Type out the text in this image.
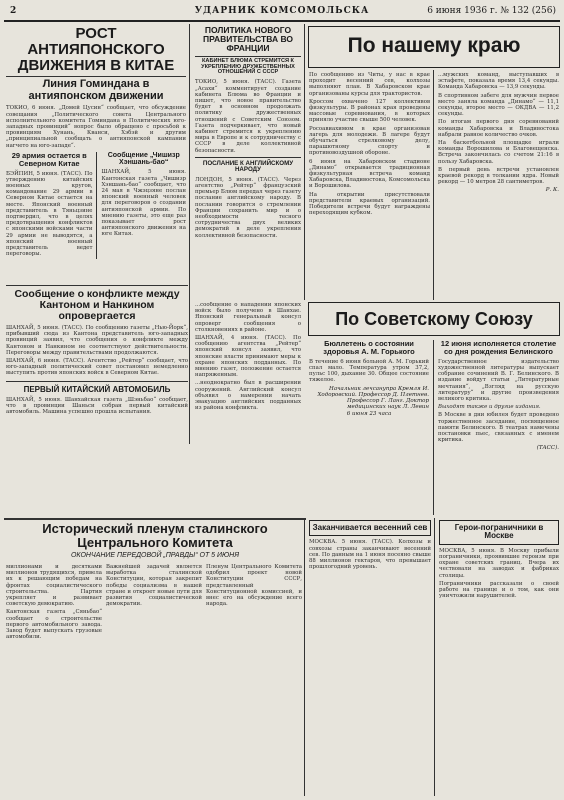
2	УДАРНИК КОМСОМОЛЬСКА	6 июня 1936 г. № 132 (256)
РОСТ АНТИЯПОНСКОГО ДВИЖЕНИЯ В КИТАЕ
Линия Гоминдана в антияпонском движении

ТОКИО, 6 июня. „Домей Цусин“ сообщает, что обсуждение совещания „Политического совета Центрального исполнительного комитета Гоминдана в Политических юго-западных провинций“ вопрос было обращено с просьбой к провинциям Хунань, Кванси, Хэбэй и другим „принципиальной сообщать о антияпонской кампании нагчето на юго-западе“.

29 армия остается в Северном Китае

БЭЙПИН, 5 июня. (ТАСС). По утверждению китайских военных кругов, командование 29 армии в Северном Китае остается на месте. Японский военный представитель в Тяньцзине подтвердил, что в целях предотвращения конфликтов с японскими войсками части 29 армии не выводятся, а японский военный представитель ведет переговоры.

Сообщение „Чишизр Хэншань-бао“

ШАНХАЙ, 5 июня. Кантонская газета „Чишизр Хэншань-бао“ сообщает, что 24 мая в Чжэцзяне послан японский военный человек для переговоров о создании антияпонской армии. По мнению газеты, это еще раз показывает рост антияпонского движения на юге Китая.

ПОЛИТИКА НОВОГО ПРАВИТЕЛЬСТВА ВО ФРАНЦИИ
КАБИНЕТ БЛЮМА СТРЕМИТСЯ К УКРЕПЛЕНИЮ ДРУЖЕСТВЕННЫХ ОТНОШЕНИЙ С СССР

ТОКИО, 5 июня. (ТАСС). Газета „Асахи“ комментирует создание кабинета Блюма во Франции и пишет, что новое правительство будет в основном продолжать политику дружественных отношений с Советским Союзом. Газета подчеркивает, что новый кабинет стремится к укреплению мира в Европе и к сотрудничеству с СССР в деле коллективной безопасности.

ПОСЛАНИЕ К АНГЛИЙСКОМУ НАРОДУ

ЛОНДОН, 5 июня. (ТАСС). Через агентство „Рейтер“ французский премьер Блюм передал через газету послание английскому народу. В послании говорится о стремлении Франции сохранить мир и о необходимости тесного сотрудничества двух великих демократий в деле укрепления коллективной безопасности.

По нашему краю

По сообщению из Читы, у нас в крае проходит весенний сев, колхозы выполняют план. В Хабаровском крае организованы курсы для трактористов.

Кроссом охвачено 127 коллективов физкультуры. В районах края проведены массовые соревнования, в которых приняло участие свыше 500 человек.

Росоавиахимом в крае организован лагерь для молодежи. В лагере будут обучаться стрелковому делу, парашютному спорту и противовоздушной обороне.

6 июня на Хабаровском стадионе „Динамо“ открывается традиционная физкультурная встреча команд Хабаровска, Владивостока, Комсомольска и Ворошилова.

На открытии присутствовали представители краевых организаций. Победители встречи будут награждены переходящим кубком.

...мужских команд, выступавших в эстафете, показала время 13,4 секунды. Команда Хабаровска — 13,9 секунды.

В спортивном забеге для мужчин первое место заняла команда „Динамо“ — 11,1 секунды, второе место — ОКДВА — 11,2 секунды.

По итогам первого дня соревнований команды Хабаровска и Владивостока набрали равное количество очков.

На баскетбольной площадке играли команды Ворошилова и Благовещенска. Встреча закончилась со счетом 21:16 в пользу Хабаровска.

В первый день встречи установлен краевой рекорд в толкании ядра. Новый рекорд — 10 метров 28 сантиметров.

Р. К.

Сообщение о конфликте между Кантоном и Нанкином опровергается

ШАНХАЙ, 5 июня. (ТАСС). По сообщению газеты „Нью-Йорк“, прибывший сюда из Кантона представитель юго-западных провинций заявил, что сообщения о конфликте между Кантоном и Нанкином не соответствуют действительности. Переговоры между правительствами продолжаются.

ШАНХАЙ, 6 июня. (ТАСС). Агентство „Рейтер“ сообщает, что юго-западный политический совет постановил немедленно выступить против японских войск в Северном Китае.

ПЕРВЫЙ КИТАЙСКИЙ АВТОМОБИЛЬ

ШАНХАЙ, 5 июня. Шанхайская газета „Шэньбао“ сообщает, что в провинции Шаньси собран первый китайский автомобиль. Машина успешно прошла испытания.

...сообщение о нападении японских войск было получено в Шанхае. Японский генеральный консул опроверг сообщения о столкновениях в районе.

ШАНХАЙ, 4 июня. (ТАСС). По сообщению агентства „Рейтер“ японский консул заявил, что японские власти принимают меры к охране японских подданных. По мнению газет, положение остается напряженным.

...неоднократно был в расширении сооружений. Английский консул объявил о намерении начать эвакуацию английских подданных из района конфликта.

По Советскому Союзу
Бюллетень о состоянии здоровья А. М. Горького

В течение 6 июня больной А. М. Горький спал мало. Температура утром 37,2, пульс 100, дыхание 30. Общее состояние тяжелое.

Начальник лечсанупра Кремля И. Ходоровский. Профессор Д. Плетнев. Профессор Г. Ланг. Доктор медицинских наук Л. Левин

6 июня 23 часа

12 июня исполняется столетие со дня рождения Белинского

Государственное издательство художественной литературы выпускает собрание сочинений В. Г. Белинского. В издание войдут статьи „Литературные мечтания“, „Взгляд на русскую литературу“ и другие произведения великого критика.

Выходят также и другие издания.

В Москве в дни юбилея будет проведено торжественное заседание, посвященное памяти Белинского. В театрах намечены постановки пьес, связанных с именем критика.

(ТАСС).

Исторический пленум сталинского Центрального Комитета
ОКОНЧАНИЕ ПЕРЕДОВОЙ „ПРАВДЫ“ ОТ 5 ИЮНЯ

миллионами и десятками миллионов трудящихся, привела их к решающим победам на фронтах социалистического строительства. Партия укрепляет и развивает советскую демократию.

Кантонская газета „Сяньбао“ сообщает о строительстве первого автомобильного завода. Завод будет выпускать грузовые автомобили.

Важнейшей задачей является выработка сталинской Конституции, которая закрепит победы социализма в нашей стране и откроет новые пути для развития социалистической демократии.

Пленум Центрального Комитета одобрил проект новой Конституции СССР, представленный Конституционной комиссией, и внес его на обсуждение всего народа.

Заканчивается весенний сев

МОСКВА. 5 июня. (ТАСС). Колхозы и совхозы страны заканчивают весенний сев. По данным на 1 июня посеяно свыше 88 миллионов гектаров, что превышает прошлогодний уровень.

Герои-пограничники в Москве

МОСКВА, 5 июня. В Москву прибыли пограничники, проявившие героизм при охране советских границ. Вчера их чествовали на заводах и фабриках столицы.

Пограничники рассказали о своей работе на границе и о том, как они уничтожили нарушителей.
